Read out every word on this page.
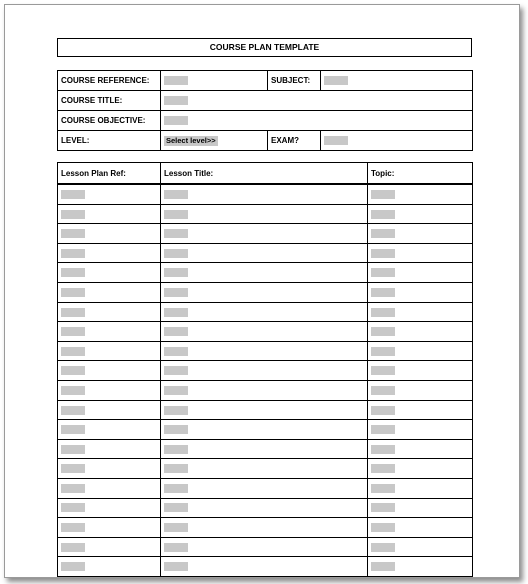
COURSE PLAN TEMPLATE
COURSE REFERENCE:		SUBJECT:	
COURSE TITLE:			
COURSE OBJECTIVE:			
LEVEL:	Select level>>	EXAM?	
Lesson Plan Ref:	Lesson Title:	Topic:
